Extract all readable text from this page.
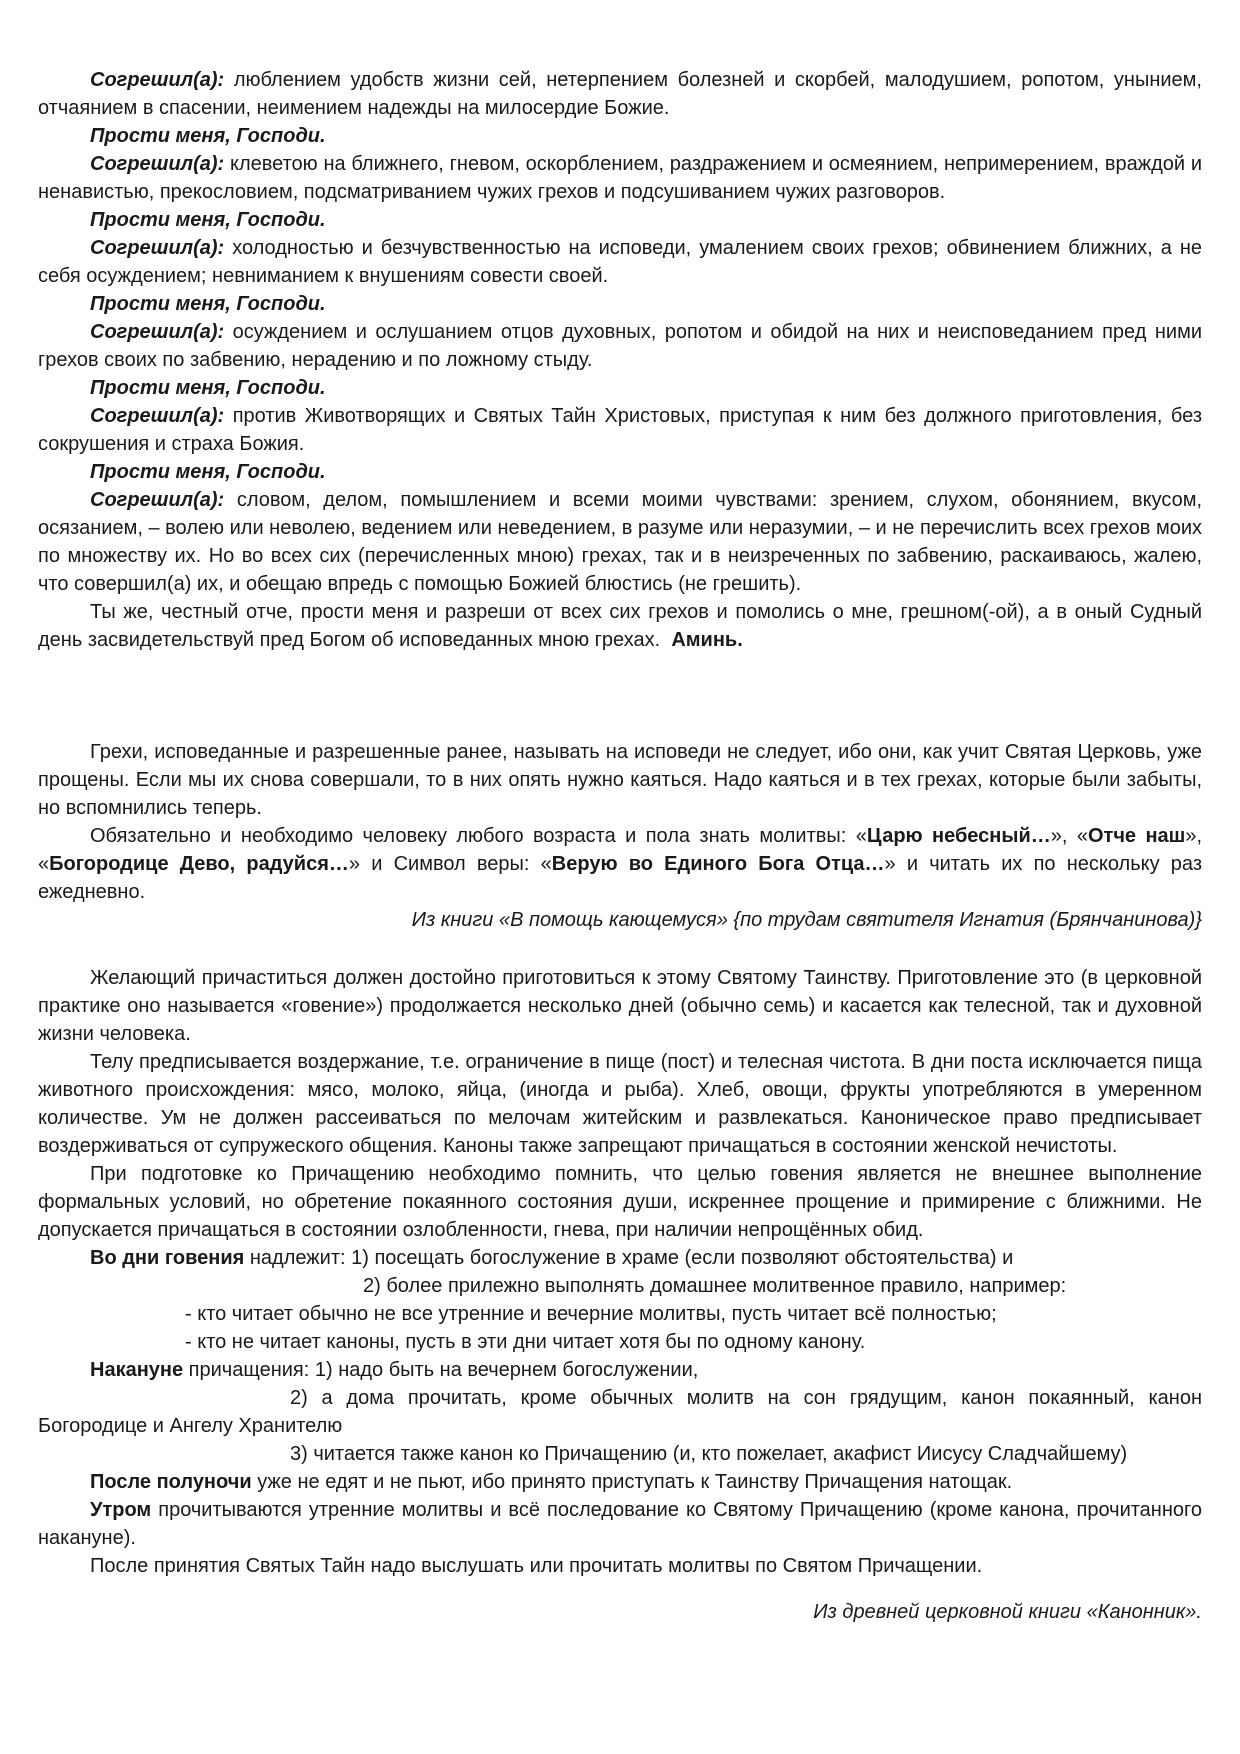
Согрешил(а): люблением удобств жизни сей, нетерпением болезней и скорбей, малодушием, ропотом, унынием, отчаянием в спасении, неимением надежды на милосердие Божие.

Прости меня, Господи.

Согрешил(а): клеветою на ближнего, гневом, оскорблением, раздражением и осмеянием, непримерением, враждой и ненавистью, прекословием, подсматриванием чужих грехов и подсушиванием чужих разговоров.

Прости меня, Господи.

Согрешил(а): холодностью и безчувственностью на исповеди, умалением своих грехов; обвинением ближних, а не себя осуждением; невниманием к внушениям совести своей.

Прости меня, Господи.

Согрешил(а): осуждением и ослушанием отцов духовных, ропотом и обидой на них и неисповеданием пред ними грехов своих по забвению, нерадению и по ложному стыду.

Прости меня, Господи.

Согрешил(а): против Животворящих и Святых Тайн Христовых, приступая к ним без должного приготовления, без сокрушения и страха Божия.

Прости меня, Господи.

Согрешил(а): словом, делом, помышлением и всеми моими чувствами: зрением, слухом, обонянием, вкусом, осязанием, – волею или неволею, ведением или неведением, в разуме или неразумии, – и не перечислить всех грехов моих по множеству их. Но во всех сих (перечисленных мною) грехах, так и в неизреченных по забвению, раскаиваюсь, жалею, что совершил(а) их, и обещаю впредь с помощью Божией блюстись (не грешить).

Ты же, честный отче, прости меня и разреши от всех сих грехов и помолись о мне, грешном(-ой), а в оный Судный день засвидетельствуй пред Богом об исповеданных мною грехах. Аминь.

Грехи, исповеданные и разрешенные ранее, называть на исповеди не следует, ибо они, как учит Святая Церковь, уже прощены. Если мы их снова совершали, то в них опять нужно каяться. Надо каяться и в тех грехах, которые были забыты, но вспомнились теперь.

Обязательно и необходимо человеку любого возраста и пола знать молитвы: «Царю небесный…», «Отче наш», «Богородице Дево, радуйся…» и Символ веры: «Верую во Единого Бога Отца…» и читать их по нескольку раз ежедневно.

Из книги «В помощь кающемуся» {по трудам святителя Игнатия (Брянчанинова)}

Желающий причаститься должен достойно приготовиться к этому Святому Таинству. Приготовление это (в церковной практике оно называется «говение») продолжается несколько дней (обычно семь) и касается как телесной, так и духовной жизни человека.

Телу предписывается воздержание, т.е. ограничение в пище (пост) и телесная чистота. В дни поста исключается пища животного происхождения: мясо, молоко, яйца, (иногда и рыба). Хлеб, овощи, фрукты употребляются в умеренном количестве. Ум не должен рассеиваться по мелочам житейским и развлекаться. Каноническое право предписывает воздерживаться от супружеского общения. Каноны также запрещают причащаться в состоянии женской нечистоты.

При подготовке ко Причащению необходимо помнить, что целью говения является не внешнее выполнение формальных условий, но обретение покаянного состояния души, искреннее прощение и примирение с ближними. Не допускается причащаться в состоянии озлобленности, гнева, при наличии непрощённых обид.

Во дни говения надлежит: 1) посещать богослужение в храме (если позволяют обстоятельства) и

2) более прилежно выполнять домашнее молитвенное правило, например:

- кто читает обычно не все утренние и вечерние молитвы, пусть читает всё полностью;

- кто не читает каноны, пусть в эти дни читает хотя бы по одному канону.

Накануне причащения: 1) надо быть на вечернем богослужении,

2) а дома прочитать, кроме обычных молитв на сон грядущим, канон покаянный, канон Богородице и Ангелу Хранителю

3) читается также канон ко Причащению (и, кто пожелает, акафист Иисусу Сладчайшему)

После полуночи уже не едят и не пьют, ибо принято приступать к Таинству Причащения натощак.

Утром прочитываются утренние молитвы и всё последование ко Святому Причащению (кроме канона, прочитанного накануне).

После принятия Святых Тайн надо выслушать или прочитать молитвы по Святом Причащении.

Из древней церковной книги «Канонник».
